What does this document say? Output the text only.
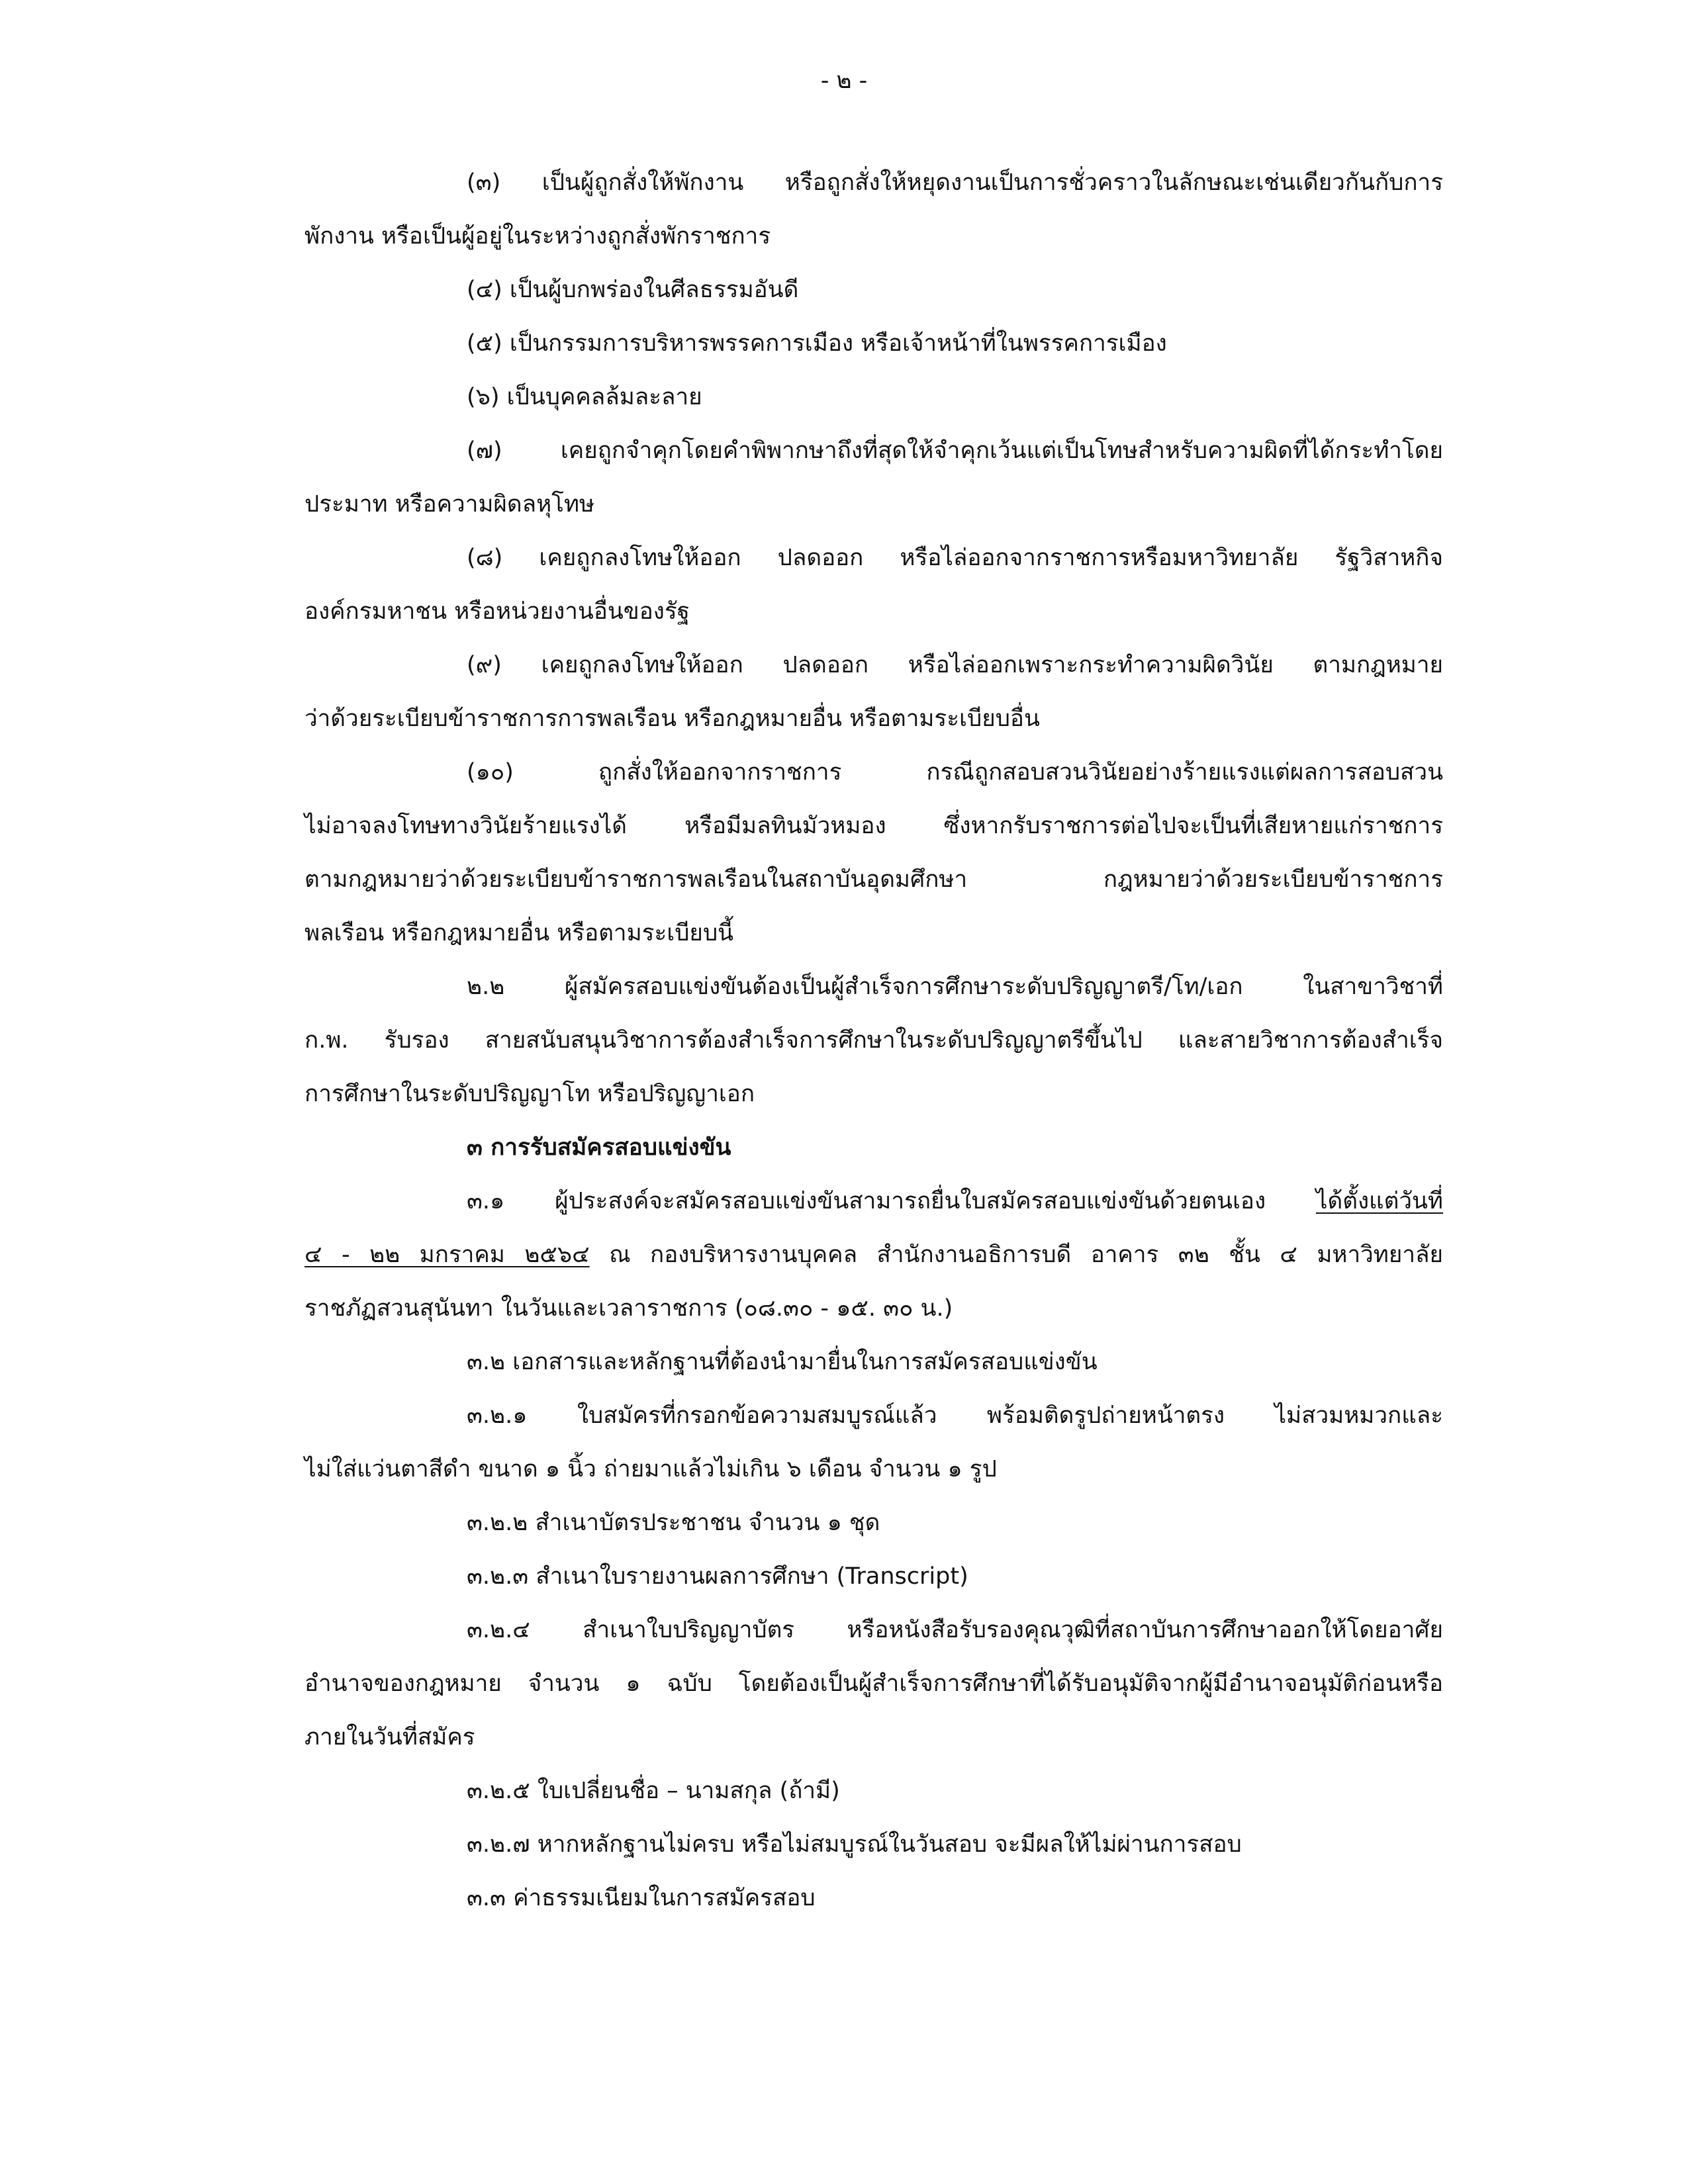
- ๒ -

(๓) เป็นผู้ถูกสั่งให้พักงาน หรือถูกสั่งให้หยุดงานเป็นการชั่วคราวในลักษณะเช่นเดียวกันกับการ
พักงาน หรือเป็นผู้อยู่ในระหว่างถูกสั่งพักราชการ

(๔) เป็นผู้บกพร่องในศีลธรรมอันดี

(๕) เป็นกรรมการบริหารพรรคการเมือง หรือเจ้าหน้าที่ในพรรคการเมือง

(๖) เป็นบุคคลล้มละลาย

(๗) เคยถูกจำคุกโดยคำพิพากษาถึงที่สุดให้จำคุกเว้นแต่เป็นโทษสำหรับความผิดที่ได้กระทำโดย
ประมาท หรือความผิดลหุโทษ

(๘) เคยถูกลงโทษให้ออก ปลดออก หรือไล่ออกจากราชการหรือมหาวิทยาลัย รัฐวิสาหกิจ
องค์กรมหาชน หรือหน่วยงานอื่นของรัฐ

(๙) เคยถูกลงโทษให้ออก ปลดออก หรือไล่ออกเพราะกระทำความผิดวินัย ตามกฎหมาย
ว่าด้วยระเบียบข้าราชการการพลเรือน หรือกฎหมายอื่น หรือตามระเบียบอื่น

(๑๐) ถูกสั่งให้ออกจากราชการ กรณีถูกสอบสวนวินัยอย่างร้ายแรงแต่ผลการสอบสวน
ไม่อาจลงโทษทางวินัยร้ายแรงได้ หรือมีมลทินมัวหมอง ซึ่งหากรับราชการต่อไปจะเป็นที่เสียหายแก่ราชการ
ตามกฎหมายว่าด้วยระเบียบข้าราชการพลเรือนในสถาบันอุดมศึกษา กฎหมายว่าด้วยระเบียบข้าราชการ
พลเรือน หรือกฎหมายอื่น หรือตามระเบียบนี้

๒.๒ ผู้สมัครสอบแข่งขันต้องเป็นผู้สำเร็จการศึกษาระดับปริญญาตรี/โท/เอก ในสาขาวิชาที่
ก.พ. รับรอง สายสนับสนุนวิชาการต้องสำเร็จการศึกษาในระดับปริญญาตรีขึ้นไป และสายวิชาการต้องสำเร็จ
การศึกษาในระดับปริญญาโท หรือปริญญาเอก

๓ การรับสมัครสอบแข่งขัน

๓.๑ ผู้ประสงค์จะสมัครสอบแข่งขันสามารถยื่นใบสมัครสอบแข่งขันด้วยตนเอง ได้ตั้งแต่วันที่
๔ - ๒๒ มกราคม ๒๕๖๔ ณ กองบริหารงานบุคคล สำนักงานอธิการบดี อาคาร ๓๒ ชั้น ๔ มหาวิทยาลัย
ราชภัฏสวนสุนันทา ในวันและเวลาราชการ (๐๘.๓๐ - ๑๕. ๓๐ น.)

๓.๒ เอกสารและหลักฐานที่ต้องนำมายื่นในการสมัครสอบแข่งขัน

๓.๒.๑ ใบสมัครที่กรอกข้อความสมบูรณ์แล้ว พร้อมติดรูปถ่ายหน้าตรง ไม่สวมหมวกและ
ไม่ใส่แว่นตาสีดำ ขนาด ๑ นิ้ว ถ่ายมาแล้วไม่เกิน ๖ เดือน จำนวน ๑ รูป

๓.๒.๒ สำเนาบัตรประชาชน จำนวน ๑ ชุด

๓.๒.๓ สำเนาใบรายงานผลการศึกษา (Transcript)

๓.๒.๔ สำเนาใบปริญญาบัตร หรือหนังสือรับรองคุณวุฒิที่สถาบันการศึกษาออกให้โดยอาศัย
อำนาจของกฎหมาย จำนวน ๑ ฉบับ โดยต้องเป็นผู้สำเร็จการศึกษาที่ได้รับอนุมัติจากผู้มีอำนาจอนุมัติก่อนหรือ
ภายในวันที่สมัคร

๓.๒.๕ ใบเปลี่ยนชื่อ – นามสกุล (ถ้ามี)

๓.๒.๗ หากหลักฐานไม่ครบ หรือไม่สมบูรณ์ในวันสอบ จะมีผลให้ไม่ผ่านการสอบ

๓.๓ ค่าธรรมเนียมในการสมัครสอบ
